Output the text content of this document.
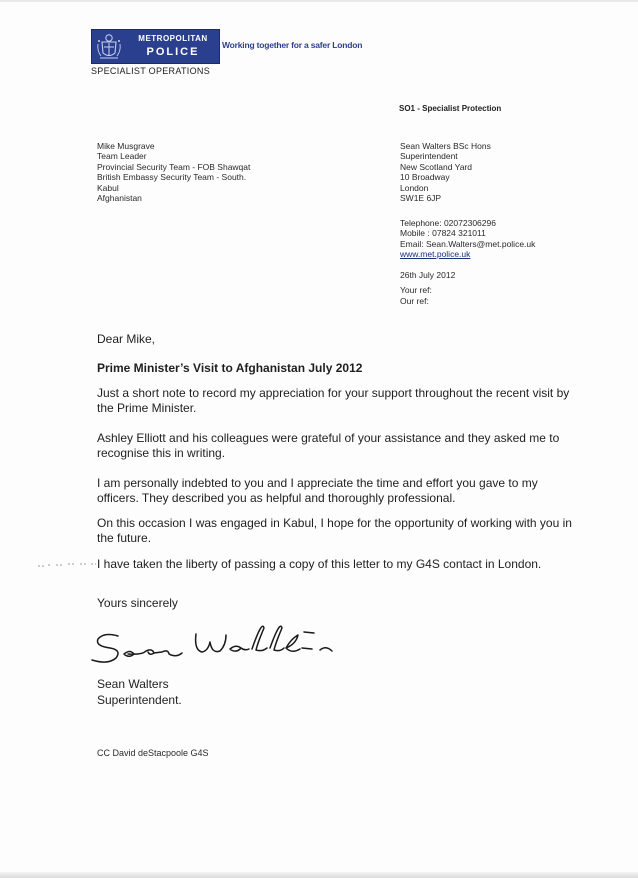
METROPOLITAN
POLICE
Working together for a safer London
SPECIALIST OPERATIONS
SO1 - Specialist Protection
Mike Musgrave
Team Leader
Provincial Security Team - FOB Shawqat
British Embassy Security Team - South.
Kabul
Afghanistan
Sean Walters BSc Hons
Superintendent
New Scotland Yard
10 Broadway
London
SW1E 6JP
Telephone: 02072306296
Mobile : 07824 321011
Email: Sean.Walters@met.police.uk
www.met.police.uk
26th July 2012
Your ref:
Our ref:
Dear Mike,
Prime Minister’s Visit to Afghanistan July 2012
Just a short note to record my appreciation for your support throughout the recent visit by the Prime Minister.
Ashley Elliott and his colleagues were grateful of your assistance and they asked me to recognise this in writing.
I am personally indebted to you and I appreciate the time and effort you gave to my officers. They described you as helpful and thoroughly professional.
On this occasion I was engaged in Kabul, I hope for the opportunity of working with you in the future.
I have taken the liberty of passing a copy of this letter to my G4S contact in London.
Yours sincerely
Sean Walters
Superintendent.
CC David deStacpoole G4S
